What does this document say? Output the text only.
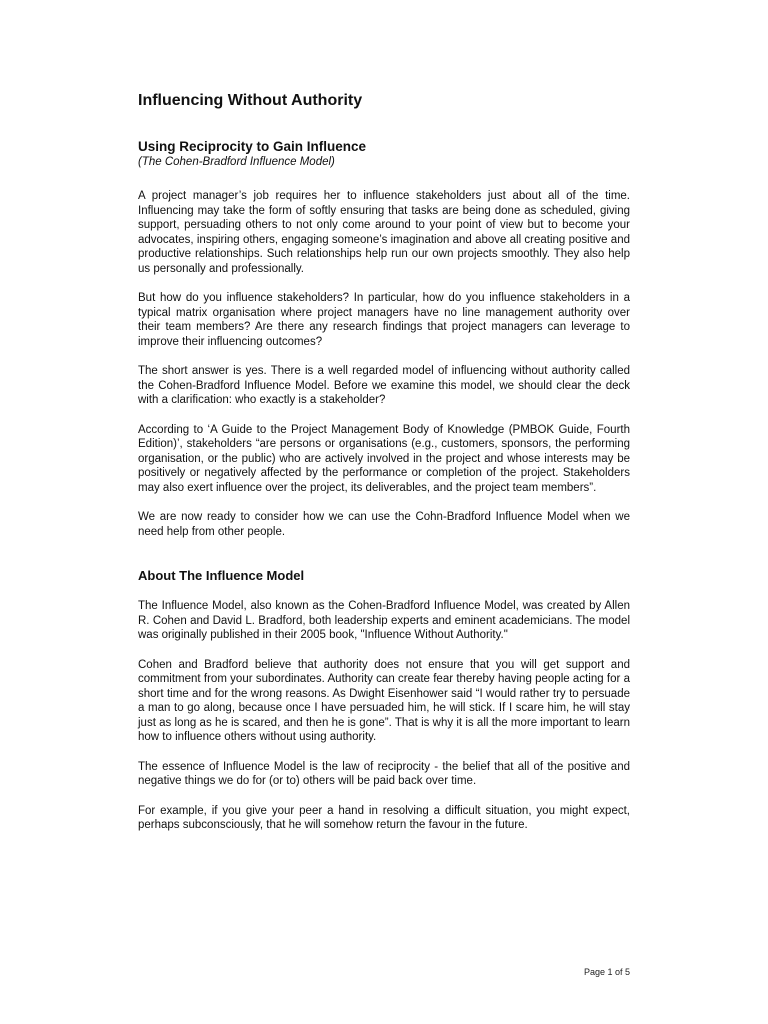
Influencing Without Authority
Using Reciprocity to Gain Influence

(The Cohen-Bradford Influence Model)

A project manager’s job requires her to influence stakeholders just about all of the time. Influencing may take the form of softly ensuring that tasks are being done as scheduled, giving support, persuading others to not only come around to your point of view but to become your advocates, inspiring others, engaging someone’s imagination and above all creating positive and productive relationships. Such relationships help run our own projects smoothly. They also help us personally and professionally.

But how do you influence stakeholders? In particular, how do you influence stakeholders in a typical matrix organisation where project managers have no line management authority over their team members? Are there any research findings that project managers can leverage to improve their influencing outcomes?

The short answer is yes. There is a well regarded model of influencing without authority called the Cohen-Bradford Influence Model. Before we examine this model, we should clear the deck with a clarification: who exactly is a stakeholder?

According to ‘A Guide to the Project Management Body of Knowledge (PMBOK Guide, Fourth Edition)’, stakeholders “are persons or organisations (e.g., customers, sponsors, the performing organisation, or the public) who are actively involved in the project and whose interests may be positively or negatively affected by the performance or completion of the project. Stakeholders may also exert influence over the project, its deliverables, and the project team members”.

We are now ready to consider how we can use the Cohn-Bradford Influence Model when we need help from other people.

About The Influence Model

The Influence Model, also known as the Cohen-Bradford Influence Model, was created by Allen R. Cohen and David L. Bradford, both leadership experts and eminent academicians. The model was originally published in their 2005 book, "Influence Without Authority."

Cohen and Bradford believe that authority does not ensure that you will get support and commitment from your subordinates. Authority can create fear thereby having people acting for a short time and for the wrong reasons. As Dwight Eisenhower said “I would rather try to persuade a man to go along, because once I have persuaded him, he will stick. If I scare him, he will stay just as long as he is scared, and then he is gone”. That is why it is all the more important to learn how to influence others without using authority.

The essence of Influence Model is the law of reciprocity - the belief that all of the positive and negative things we do for (or to) others will be paid back over time.

For example, if you give your peer a hand in resolving a difficult situation, you might expect, perhaps subconsciously, that he will somehow return the favour in the future.

Page 1 of 5
